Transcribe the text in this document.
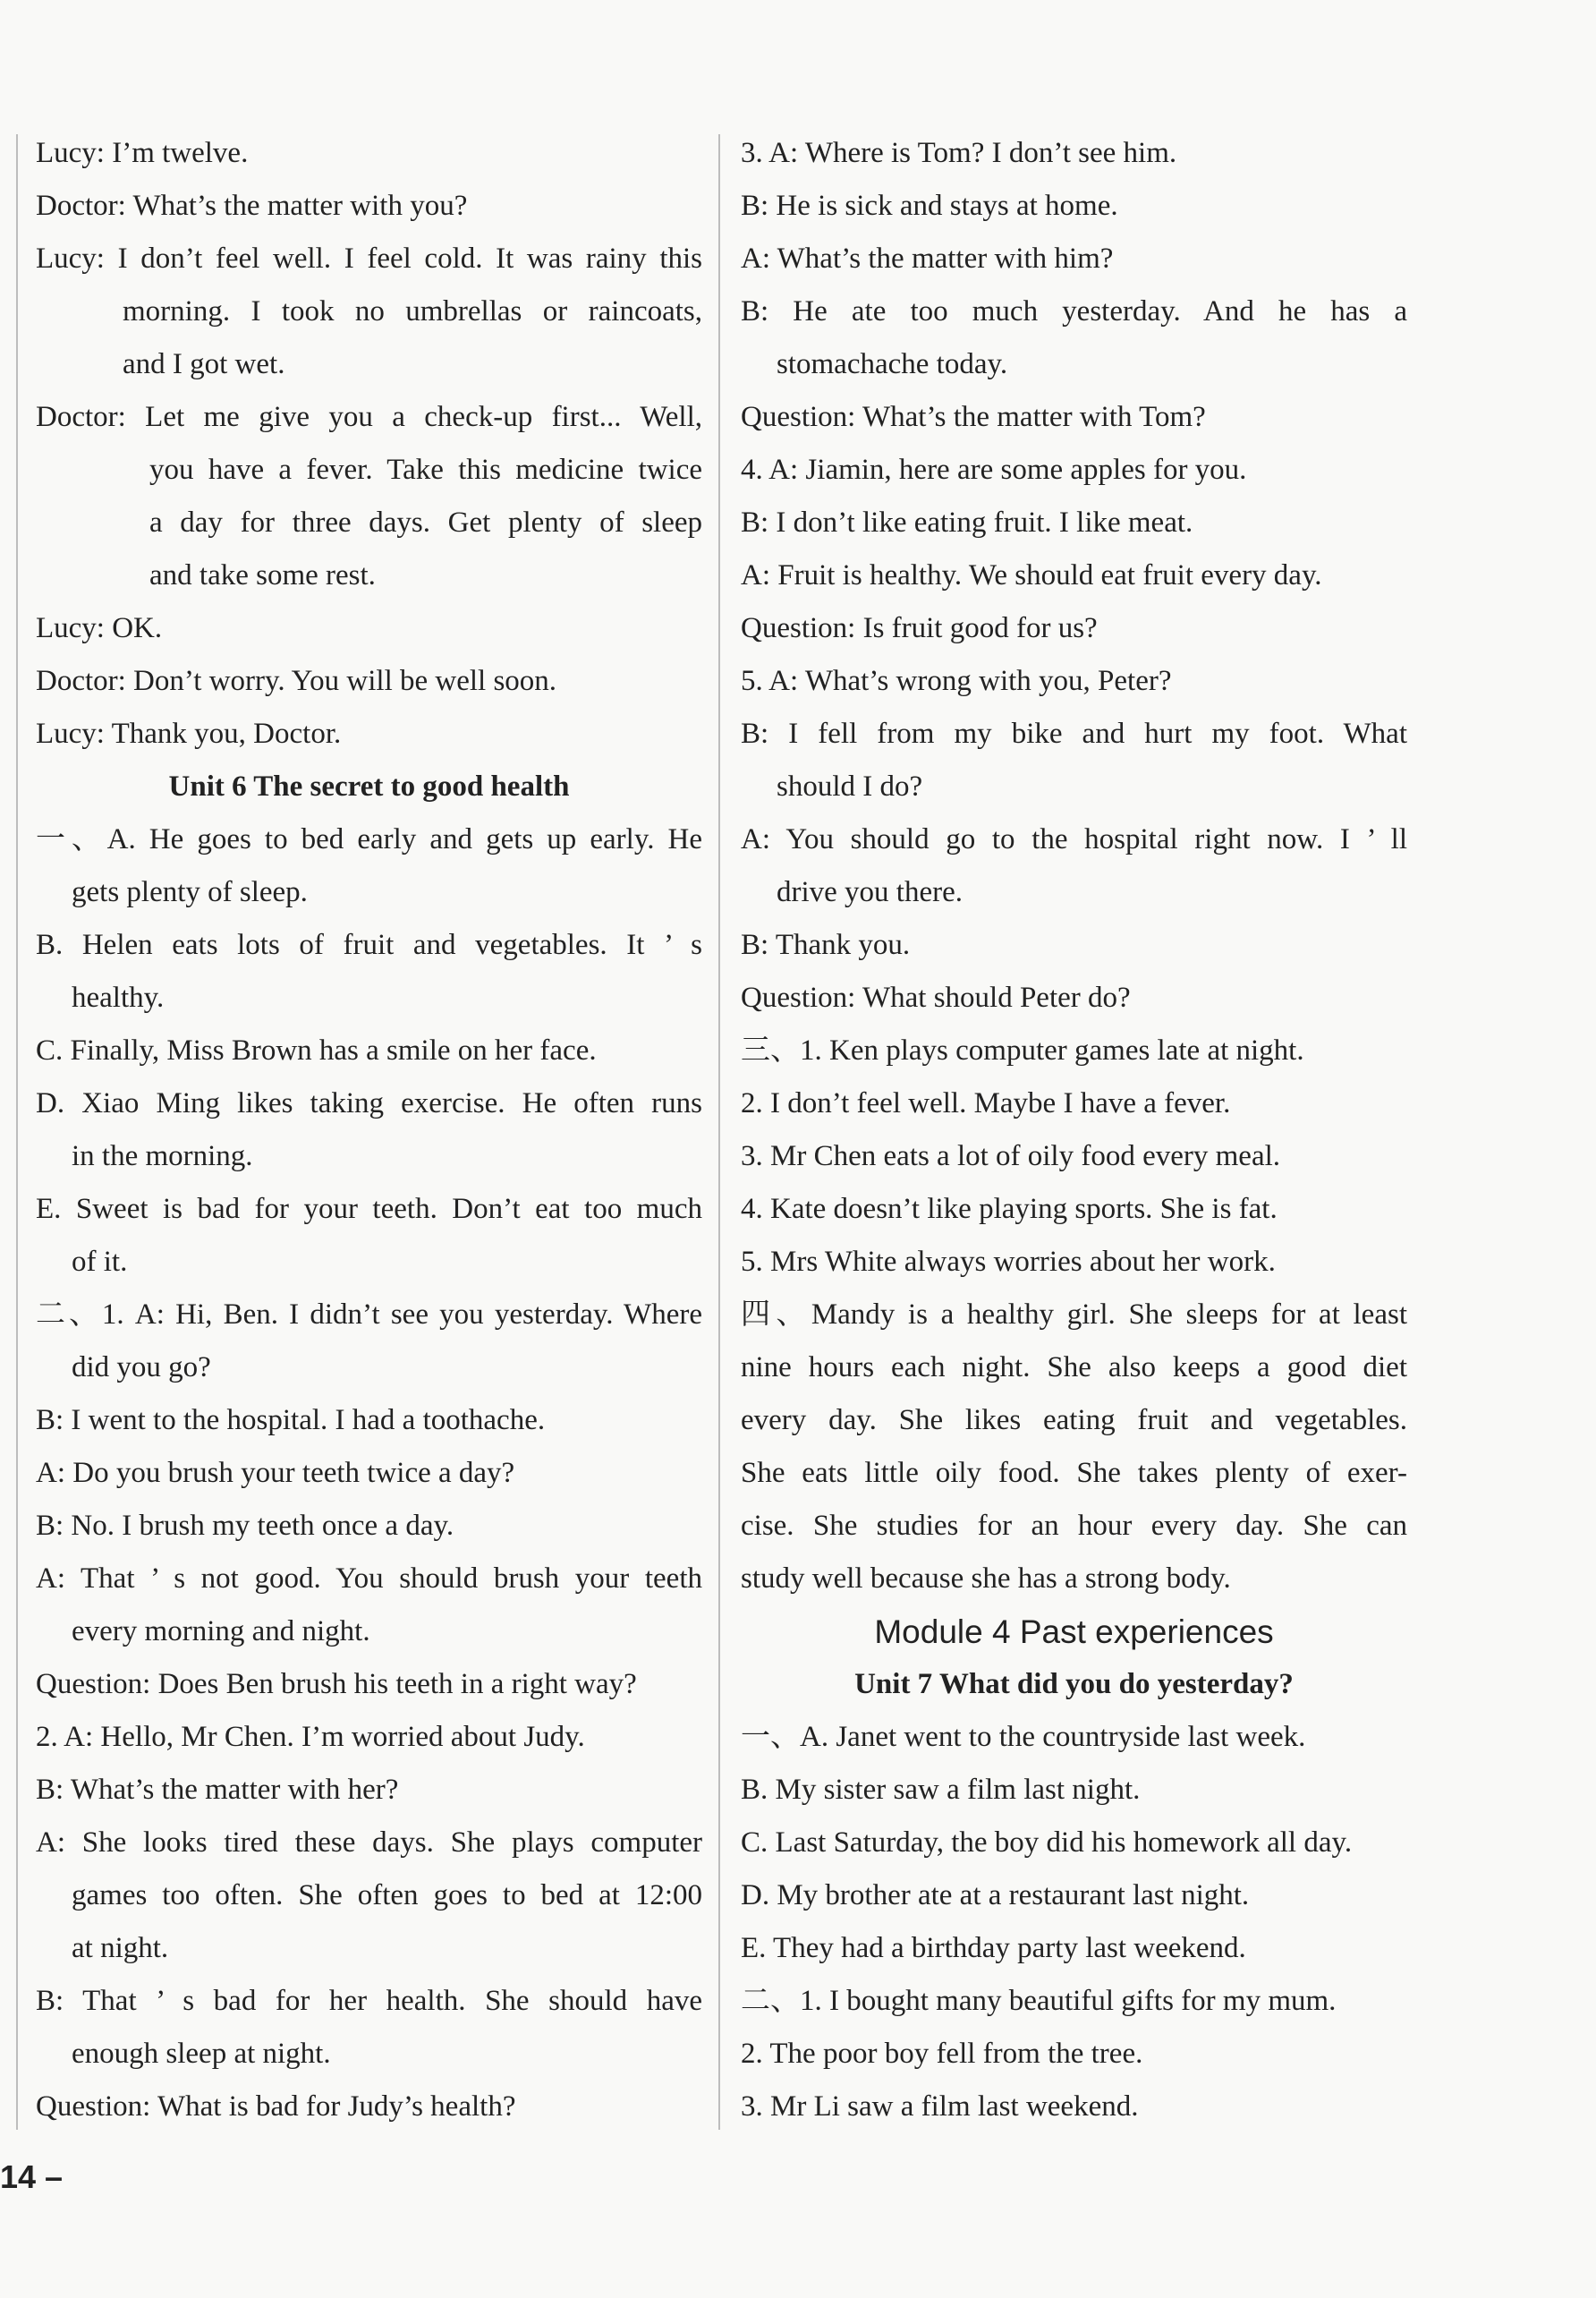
Lucy: I’m twelve.
Doctor: What’s the matter with you?
Lucy: I don’t feel well. I feel cold. It was rainy this
morning. I took no umbrellas or raincoats,
and I got wet.
Doctor: Let me give you a check-up first... Well,
you have a fever. Take this medicine twice
a day for three days. Get plenty of sleep
and take some rest.
Lucy: OK.
Doctor: Don’t worry. You will be well soon.
Lucy: Thank you, Doctor.
Unit 6 The secret to good health
一、A. He goes to bed early and gets up early. He
gets plenty of sleep.
B. Helen eats lots of fruit and vegetables. It ’ s
healthy.
C. Finally, Miss Brown has a smile on her face.
D. Xiao Ming likes taking exercise. He often runs
in the morning.
E. Sweet is bad for your teeth. Don’t eat too much
of it.
二、1. A: Hi, Ben. I didn’t see you yesterday. Where
did you go?
B: I went to the hospital. I had a toothache.
A: Do you brush your teeth twice a day?
B: No. I brush my teeth once a day.
A: That ’ s not good. You should brush your teeth
every morning and night.
Question: Does Ben brush his teeth in a right way?
2. A: Hello, Mr Chen. I’m worried about Judy.
B: What’s the matter with her?
A: She looks tired these days. She plays computer
games too often. She often goes to bed at 12:00
at night.
B: That ’ s bad for her health. She should have
enough sleep at night.
Question: What is bad for Judy’s health?
3. A: Where is Tom? I don’t see him.
B: He is sick and stays at home.
A: What’s the matter with him?
B: He ate too much yesterday. And he has a
stomachache today.
Question: What’s the matter with Tom?
4. A: Jiamin, here are some apples for you.
B: I don’t like eating fruit. I like meat.
A: Fruit is healthy. We should eat fruit every day.
Question: Is fruit good for us?
5. A: What’s wrong with you, Peter?
B: I fell from my bike and hurt my foot. What
should I do?
A: You should go to the hospital right now. I ’ ll
drive you there.
B: Thank you.
Question: What should Peter do?
三、1. Ken plays computer games late at night.
2. I don’t feel well. Maybe I have a fever.
3. Mr Chen eats a lot of oily food every meal.
4. Kate doesn’t like playing sports. She is fat.
5. Mrs White always worries about her work.
四、Mandy is a healthy girl. She sleeps for at least
nine hours each night. She also keeps a good diet
every day. She likes eating fruit and vegetables.
She eats little oily food. She takes plenty of exer-
cise. She studies for an hour every day. She can
study well because she has a strong body.
Module 4 Past experiences
Unit 7 What did you do yesterday?
一、A. Janet went to the countryside last week.
B. My sister saw a film last night.
C. Last Saturday, the boy did his homework all day.
D. My brother ate at a restaurant last night.
E. They had a birthday party last weekend.
二、1. I bought many beautiful gifts for my mum.
2. The poor boy fell from the tree.
3. Mr Li saw a film last weekend.
14 –
